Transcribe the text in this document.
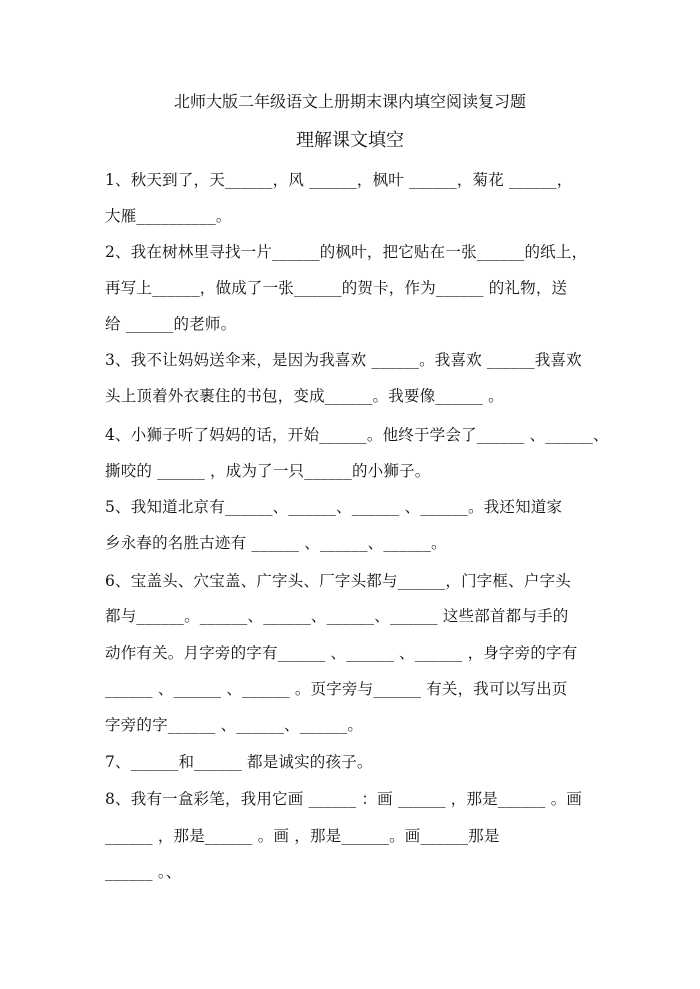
北师大版二年级语文上册期末课内填空阅读复习题
理解课文填空
1、秋天到了，天______，风 ______，枫叶 ______，菊花 ______，
大雁__________。
2、我在树林里寻找一片______的枫叶，把它贴在一张______的纸上，
再写上______，做成了一张______的贺卡，作为______ 的礼物，送
给 ______的老师。
3、我不让妈妈送伞来，是因为我喜欢 ______。我喜欢 ______我喜欢
头上顶着外衣裹住的书包，变成______。我要像______ 。
4、小狮子听了妈妈的话，开始______。他终于学会了______ 、______、
撕咬的 ______ ，成为了一只______的小狮子。
5、我知道北京有______、______、______ 、______。我还知道家
乡永春的名胜古迹有 ______ 、______、______。
6、宝盖头、穴宝盖、广字头、厂字头都与______，门字框、户字头
都与______。______、______、______、______ 这些部首都与手的
动作有关。月字旁的字有______ 、______ 、______ ，身字旁的字有
______ 、______ 、______ 。页字旁与______ 有关，我可以写出页
字旁的字______ 、______、______。
7、______和______ 都是诚实的孩子。
8、我有一盒彩笔，我用它画 ______ ：画 ______ ，那是______ 。画
______ ，那是______ 。画 ，那是______。画______那是
______ 。、
